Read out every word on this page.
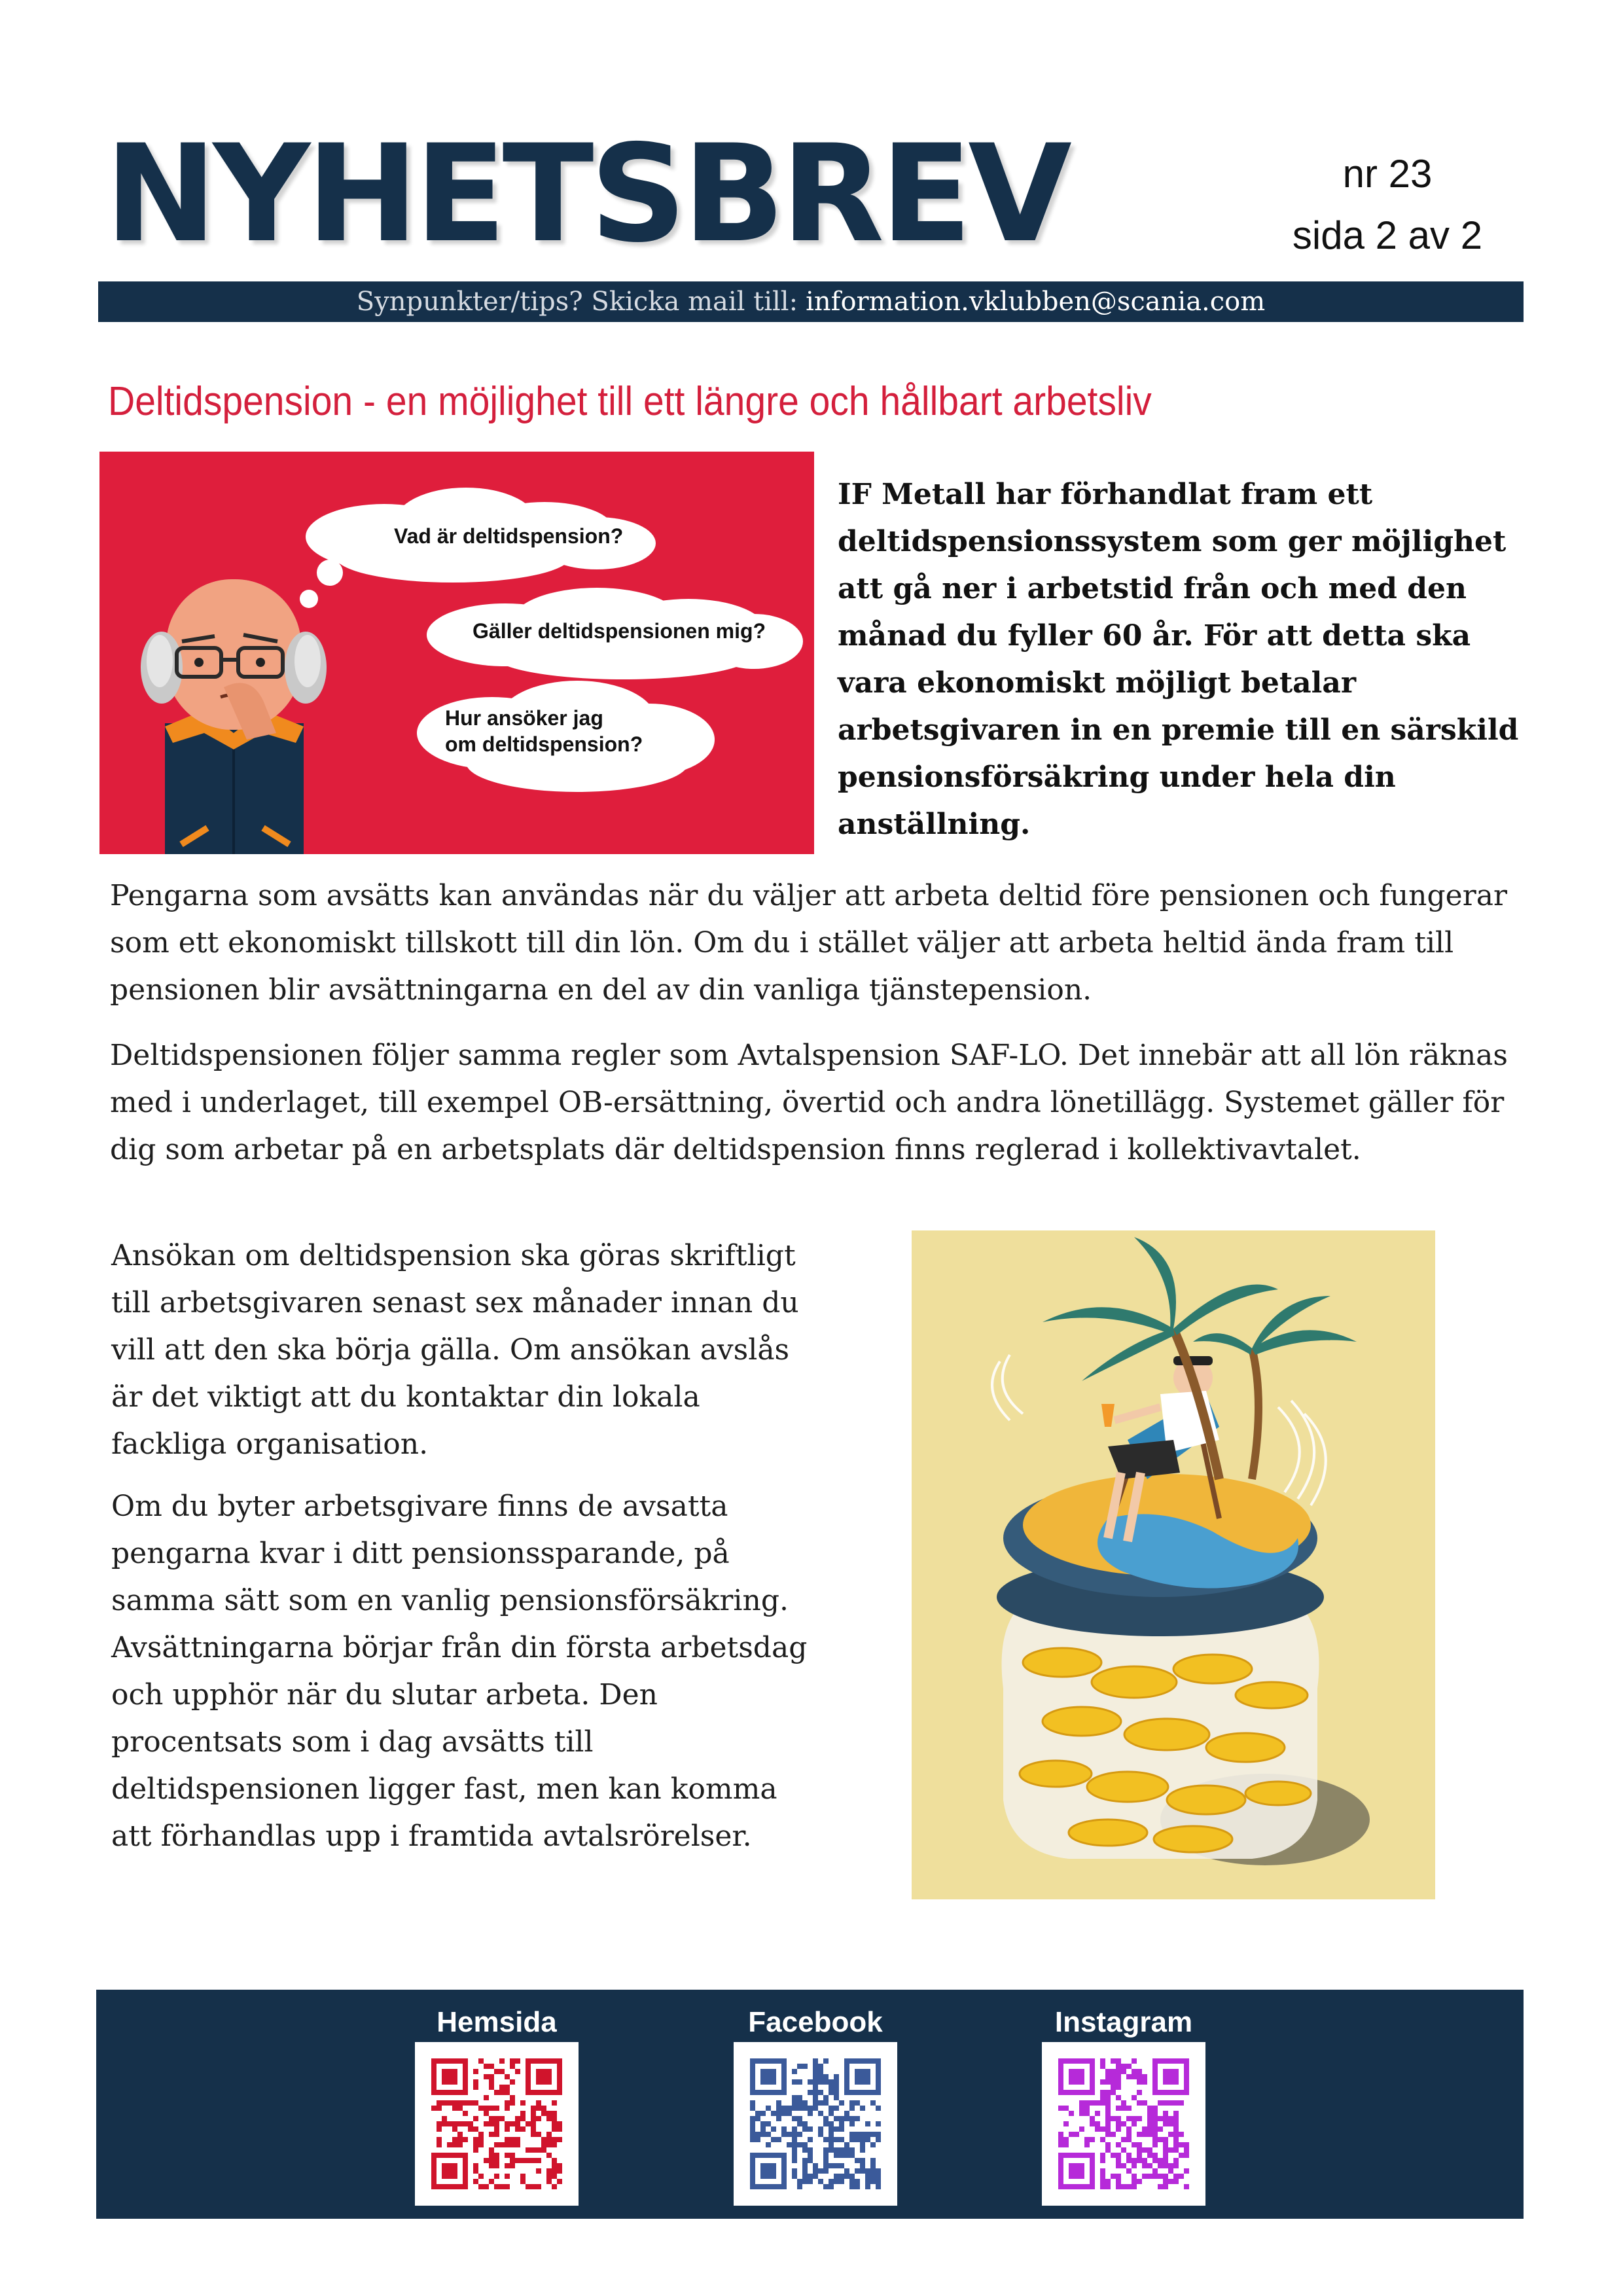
NYHETSBREV	nr 23
sida 2 av 2
Synpunkter/tips? Skicka mail till: information.vklubben@scania.com
Deltidspension - en möjlighet till ett längre och hållbart arbetsliv
Vad är deltidspension?
Gäller deltidspensionen mig?
Hur ansöker jag
om deltidspension?
IF Metall har förhandlat fram ett deltidspensionssystem som ger möjlighet att gå ner i arbetstid från och med den månad du fyller 60 år. För att detta ska vara ekonomiskt möjligt betalar arbetsgivaren in en premie till en särskild pensionsförsäkring under hela din anställning.
Pengarna som avsätts kan användas när du väljer att arbeta deltid före pensionen och fungerar som ett ekonomiskt tillskott till din lön. Om du i stället väljer att arbeta heltid ända fram till pensionen blir avsättningarna en del av din vanliga tjänstepension.
Deltidspensionen följer samma regler som Avtalspension SAF-LO. Det innebär att all lön räknas med i underlaget, till exempel OB-ersättning, övertid och andra lönetillägg. Systemet gäller för dig som arbetar på en arbetsplats där deltidspension finns reglerad i kollektivavtalet.
Ansökan om deltidspension ska göras skriftligt till arbetsgivaren senast sex månader innan du vill att den ska börja gälla. Om ansökan avslås är det viktigt att du kontaktar din lokala fackliga organisation.
Om du byter arbetsgivare finns de avsatta pengarna kvar i ditt pensionssparande, på samma sätt som en vanlig pensionsförsäkring. Avsättningarna börjar från din första arbetsdag och upphör när du slutar arbeta. Den procentsats som i dag avsätts till deltidspensionen ligger fast, men kan komma att förhandlas upp i framtida avtalsrörelser.
Hemsida	Facebook	Instagram
